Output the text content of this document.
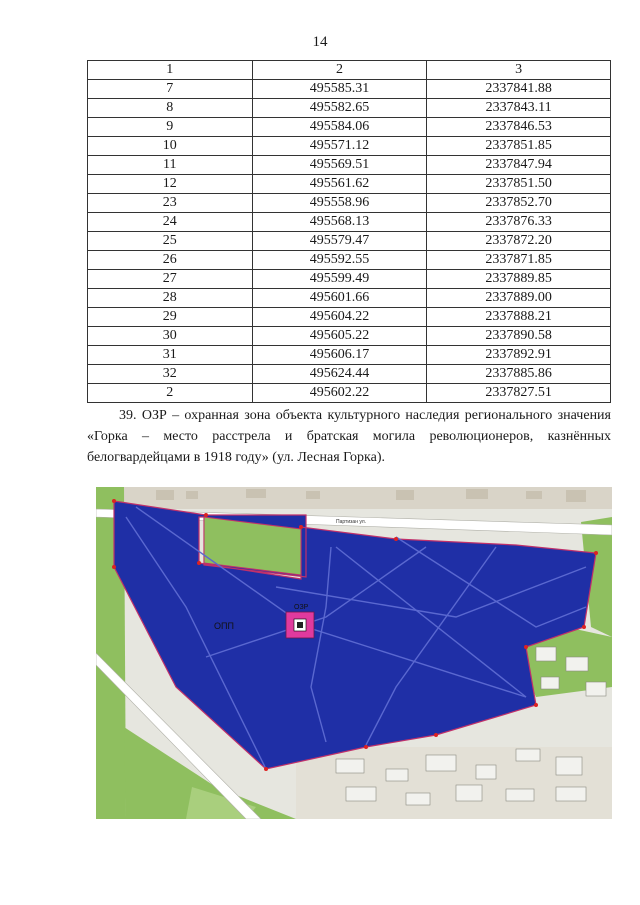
14
1	2	3
7	495585.31	2337841.88
8	495582.65	2337843.11
9	495584.06	2337846.53
10	495571.12	2337851.85
11	495569.51	2337847.94
12	495561.62	2337851.50
23	495558.96	2337852.70
24	495568.13	2337876.33
25	495579.47	2337872.20
26	495592.55	2337871.85
27	495599.49	2337889.85
28	495601.66	2337889.00
29	495604.22	2337888.21
30	495605.22	2337890.58
31	495606.17	2337892.91
32	495624.44	2337885.86
2	495602.22	2337827.51
39. ОЗР – охранная зона объекта культурного наследия регионального значения «Горка – место расстрела и братская могила революционеров, казнённых белогвардейцами в 1918 году» (ул. Лесная Горка).
ОПП
ОЗР
Партизан ул.
